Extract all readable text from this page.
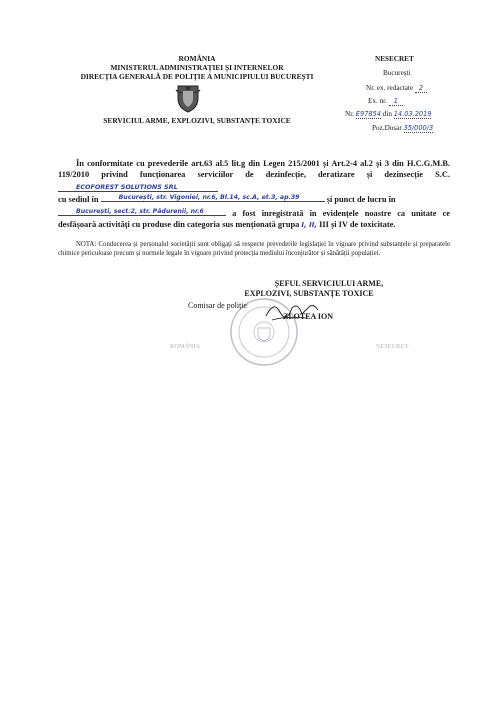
ROMÂNIA
MINISTERUL ADMINISTRAȚIEI ȘI INTERNELOR
DIRECȚIA GENERALĂ DE POLIȚIE A MUNICIPIULUI BUCUREȘTI
SERVICIUL ARME, EXPLOZIVI, SUBSTANȚE TOXICE
NESECRET
București
Nr. ex. redactate 2
Ex. nr. 1
Nr. E97854 din 14.03.2019
Poz.Dosar 35/000/3
În conformitate cu prevederile art.63 al.5 lit.g din Legen 215/2001 și Art.2-4 al.2 și 3 din H.C.G.M.B. 119/2010 privind funcționarea serviciilor de dezinfecție, deratizare și dezinsecție S.C. ECOFOREST SOLUTIONS SRL
cu sediul în	București, str. Vigoniei, nr.6, Bl.14, sc.A, et.3, ap.39	și punct de lucru în
București, sect.2, str. Pădurenii, nr.6	a fost înregistrată în evidențele noastre ca unitate ce desfășoară activități cu produse din categoria sus menționată grupa I, II, III și IV de toxicitate.
NOTA: Conducerea și personalul societății sunt obligați să respecte prevederile legislației în vigoare privind substanțele și preparatele chimice periculoase precum și normele legale în vigoare privind protecția mediului înconjurător și sănătății populației.
ȘEFUL SERVICIULUI ARME,
EXPLOZIVI, SUBSTANȚE TOXICE
Comisar de poliție
ZLOTEA ION
ROMÂNIA	NESECRET
